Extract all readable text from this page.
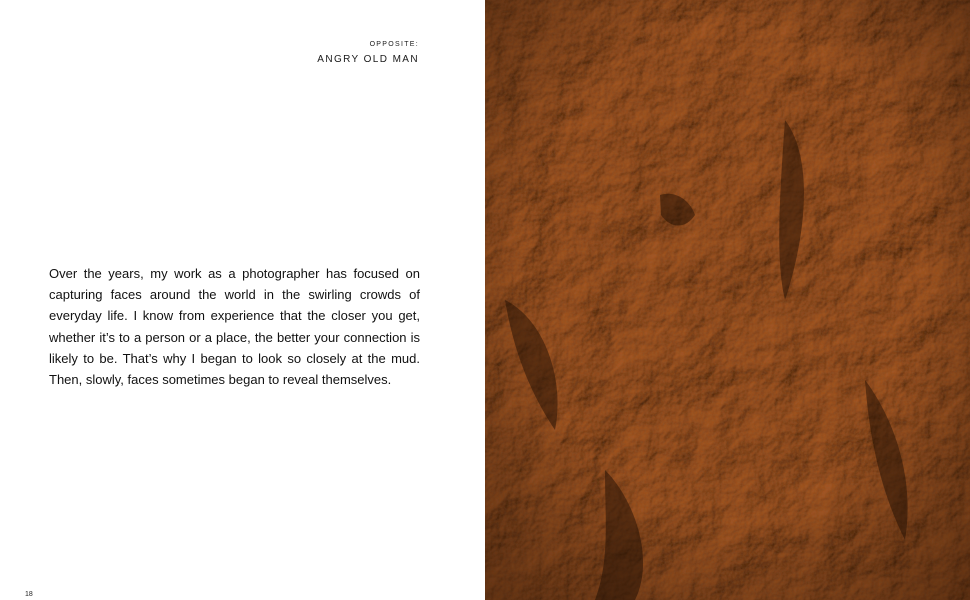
OPPOSITE:
ANGRY OLD MAN

Over the years, my work as a photographer has focused on capturing faces around the world in the swirling crowds of everyday life. I know from experience that the closer you get, whether it’s to a person or a place, the better your connection is likely to be. That’s why I began to look so closely at the mud. Then, slowly, faces sometimes began to reveal themselves.

18
